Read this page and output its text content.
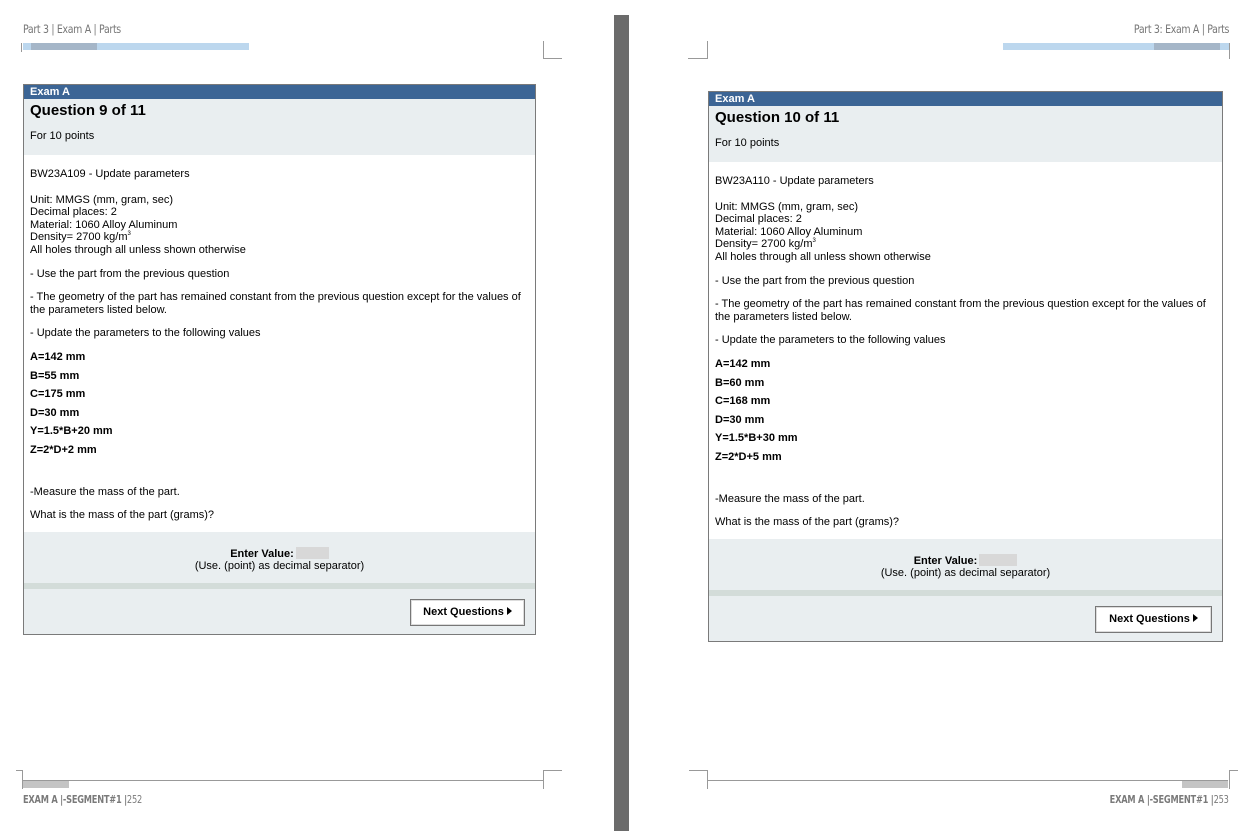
Part 3 | Exam A | Parts
Exam A
Question 9 of 11
For 10 points

BW23A109 - Update parameters

Unit: MMGS (mm, gram, sec)

Decimal places: 2

Material: 1060 Alloy Aluminum

Density= 2700 $kg/m^3$

All holes through all unless shown otherwise

- Use the part from the previous question

- The geometry of the part has remained constant from the previous question except for the values of the parameters listed below.

- Update the parameters to the following values

A=142 mm

B=55 mm

C=175 mm

D=30 mm

Y=1.5*B+20 mm

Z=2*D+2 mm

-Measure the mass of the part.

What is the mass of the part (grams)?

Enter Value:
(Use. (point) as decimal separator)
Next Questions
EXAM A |-SEGMENT#1 |252
Part 3: Exam A | Parts
Exam A
Question 10 of 11
For 10 points

BW23A110 - Update parameters

Unit: MMGS (mm, gram, sec)

Decimal places: 2

Material: 1060 Alloy Aluminum

Density= 2700 $kg/m^3$

All holes through all unless shown otherwise

- Use the part from the previous question

- The geometry of the part has remained constant from the previous question except for the values of the parameters listed below.

- Update the parameters to the following values

A=142 mm

B=60 mm

C=168 mm

D=30 mm

Y=1.5*B+30 mm

Z=2*D+5 mm

-Measure the mass of the part.

What is the mass of the part (grams)?

Enter Value:
(Use. (point) as decimal separator)
Next Questions
EXAM A |-SEGMENT#1 |253
